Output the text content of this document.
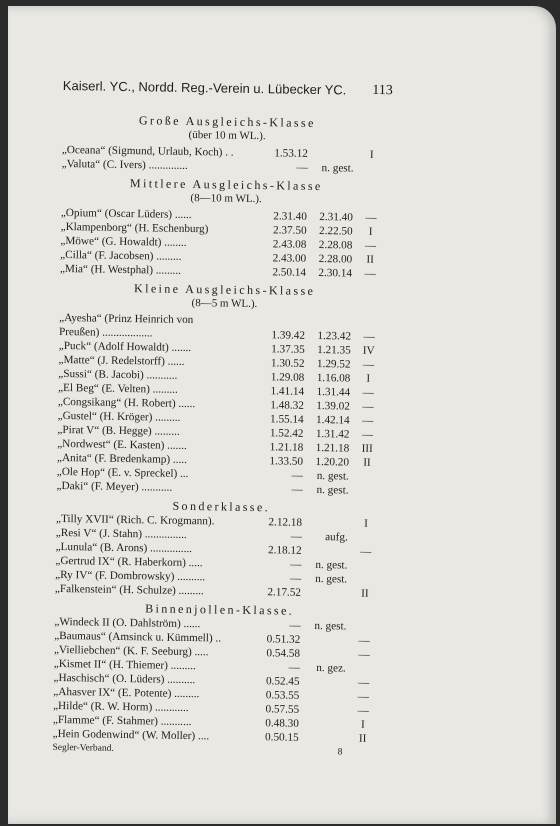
Kaiserl. YC., Nordd. Reg.-Verein u. Lübecker YC. 113
Große Ausgleichs-Klasse
(über 10 m WL.).
„Oceana“ (Sigmund, Urlaub, Koch) . .	1.53.12	I
„Valuta“ (C. Ivers) ..............	—	n. gest.
Mittlere Ausgleichs-Klasse
(8—10 m WL.).
„Opium“ (Oscar Lüders) ......	2.31.40	2.31.40	—
„Klampenborg“ (H. Eschenburg)	2.37.50	2.22.50	I
„Möwe“ (G. Howaldt) ........	2.43.08	2.28.08	—
„Cilla“ (F. Jacobsen) .........	2.43.00	2.28.00	II
„Mia“ (H. Westphal) .........	2.50.14	2.30.14	—
Kleine Ausgleichs-Klasse
(8—5 m WL.).
„Ayesha“ (Prinz Heinrich von
Preußen) ..................	1.39.42	1.23.42	—
„Puck“ (Adolf Howaldt) .......	1.37.35	1.21.35	IV
„Matte“ (J. Redelstorff) ......	1.30.52	1.29.52	—
„Sussi“ (B. Jacobi) ...........	1.29.08	1.16.08	I
„El Beg“ (E. Velten) .........	1.41.14	1.31.44	—
„Congsikang“ (H. Robert) ......	1.48.32	1.39.02	—
„Gustel“ (H. Kröger) .........	1.55.14	1.42.14	—
„Pirat V“ (B. Hegge) .........	1.52.42	1.31.42	—
„Nordwest“ (E. Kasten) .......	1.21.18	1.21.18	III
„Anita“ (F. Bredenkamp) .....	1.33.50	1.20.20	II
„Ole Hop“ (E. v. Spreckel) ...	—	n. gest.
„Daki“ (F. Meyer) ...........	—	n. gest.
Sonderklasse.
„Tilly XVII“ (Rich. C. Krogmann).	2.12.18	I
„Resi V“ (J. Stahn) ...............	—	aufg.
„Lunula“ (B. Arons) ...............	2.18.12	—
„Gertrud IX“ (R. Haberkorn) .....	—	n. gest.
„Ry IV“ (F. Dombrowsky) ..........	—	n. gest.
„Falkenstein“ (H. Schulze) .........	2.17.52	II
Binnenjollen-Klasse.
„Windeck II (O. Dahlström) ......	—	n. gest.
„Baumaus“ (Amsinck u. Kümmell) ..	0.51.32	—
„Vielliebchen“ (K. F. Seeburg) .....	0.54.58	—
„Kismet II“ (H. Thiemer) .........	—	n. gez.
„Haschisch“ (O. Lüders) ..........	0.52.45	—
„Ahasver IX“ (E. Potente) .........	0.53.55	—
„Hilde“ (R. W. Horm) ............	0.57.55	—
„Flamme“ (F. Stahmer) ...........	0.48.30	I
„Hein Godenwind“ (W. Moller) ....	0.50.15	II
Segler-Verband.	8
